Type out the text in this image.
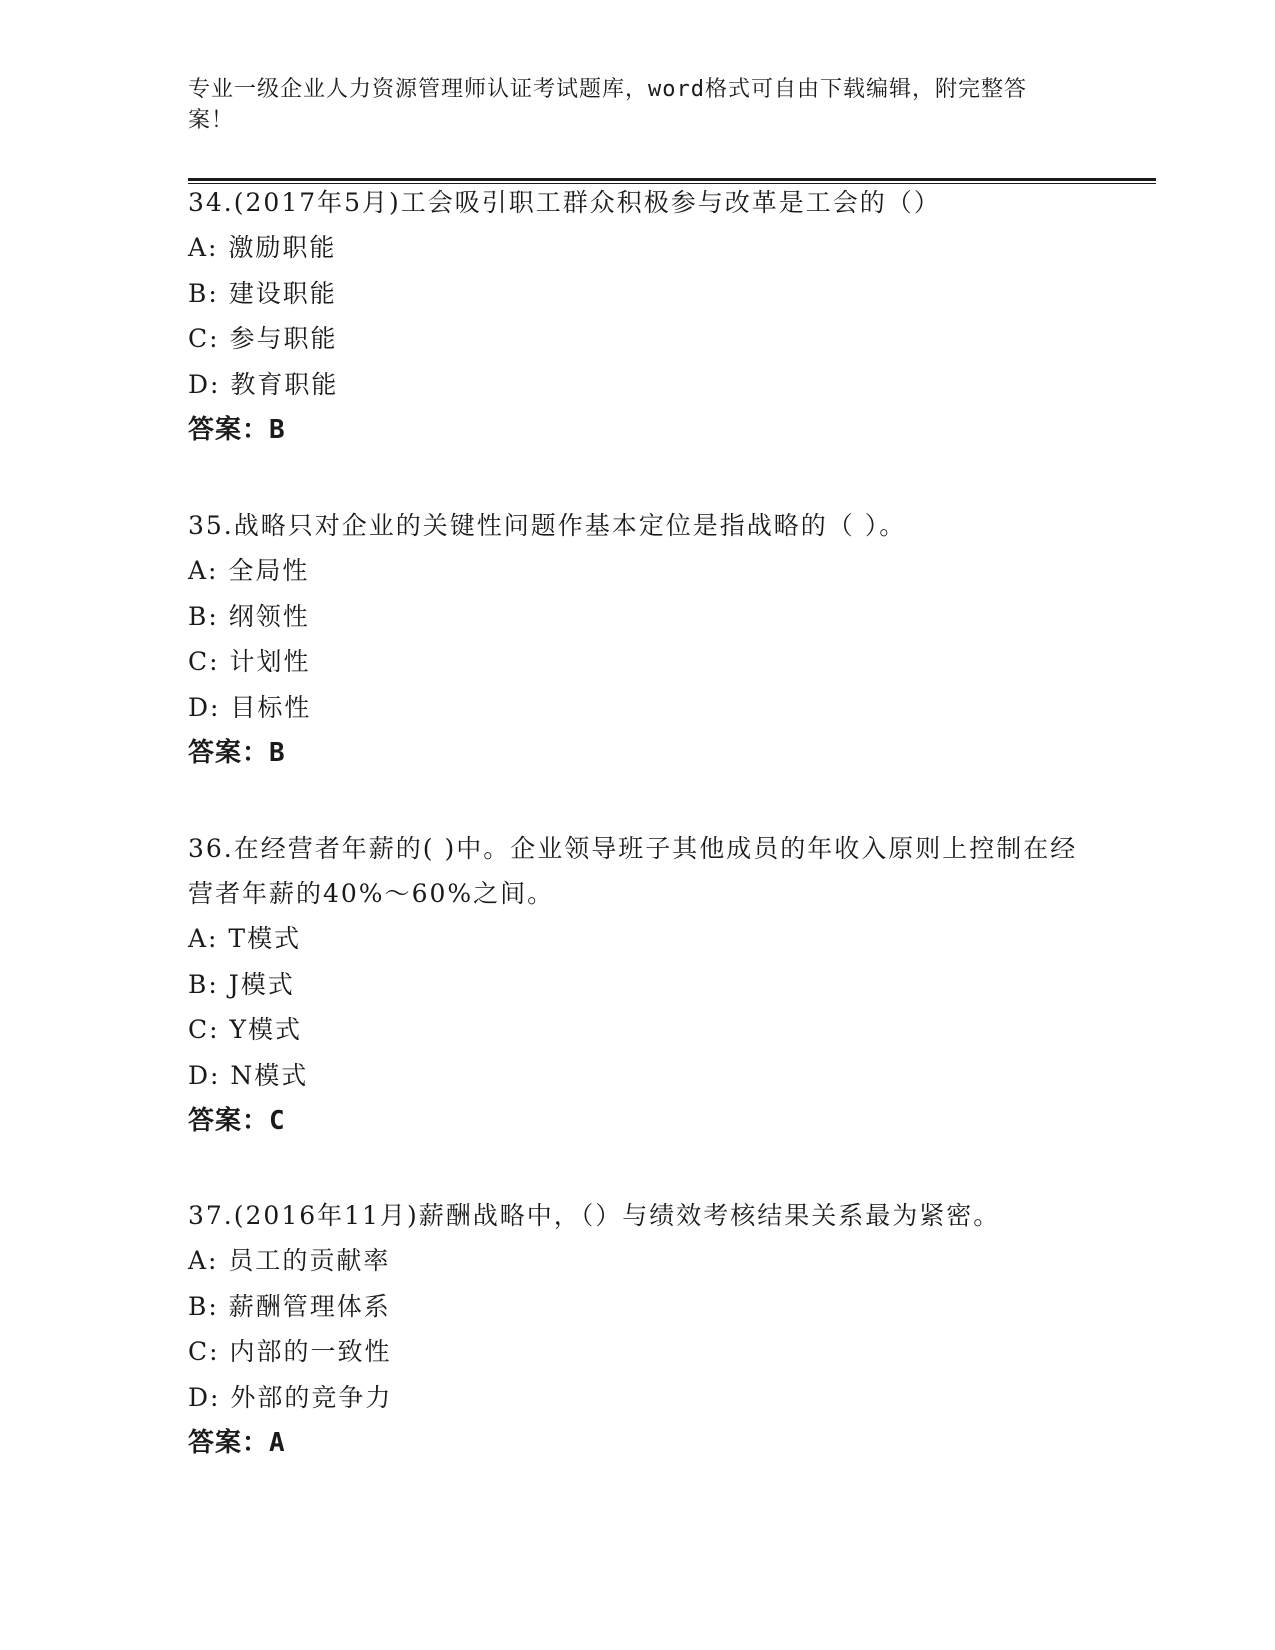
专业一级企业人力资源管理师认证考试题库，word格式可自由下载编辑，附完整答案！
34.(2017年5月)工会吸引职工群众积极参与改革是工会的（）
A: 激励职能
B: 建设职能
C: 参与职能
D: 教育职能
答案：B
35.战略只对企业的关键性问题作基本定位是指战略的（ ）。
A: 全局性
B: 纲领性
C: 计划性
D: 目标性
答案：B
36.在经营者年薪的( )中。企业领导班子其他成员的年收入原则上控制在经营者年薪的40%～60%之间。
A: T模式
B: J模式
C: Y模式
D: N模式
答案：C
37.(2016年11月)薪酬战略中，（）与绩效考核结果关系最为紧密。
A: 员工的贡献率
B: 薪酬管理体系
C: 内部的一致性
D: 外部的竞争力
答案：A
